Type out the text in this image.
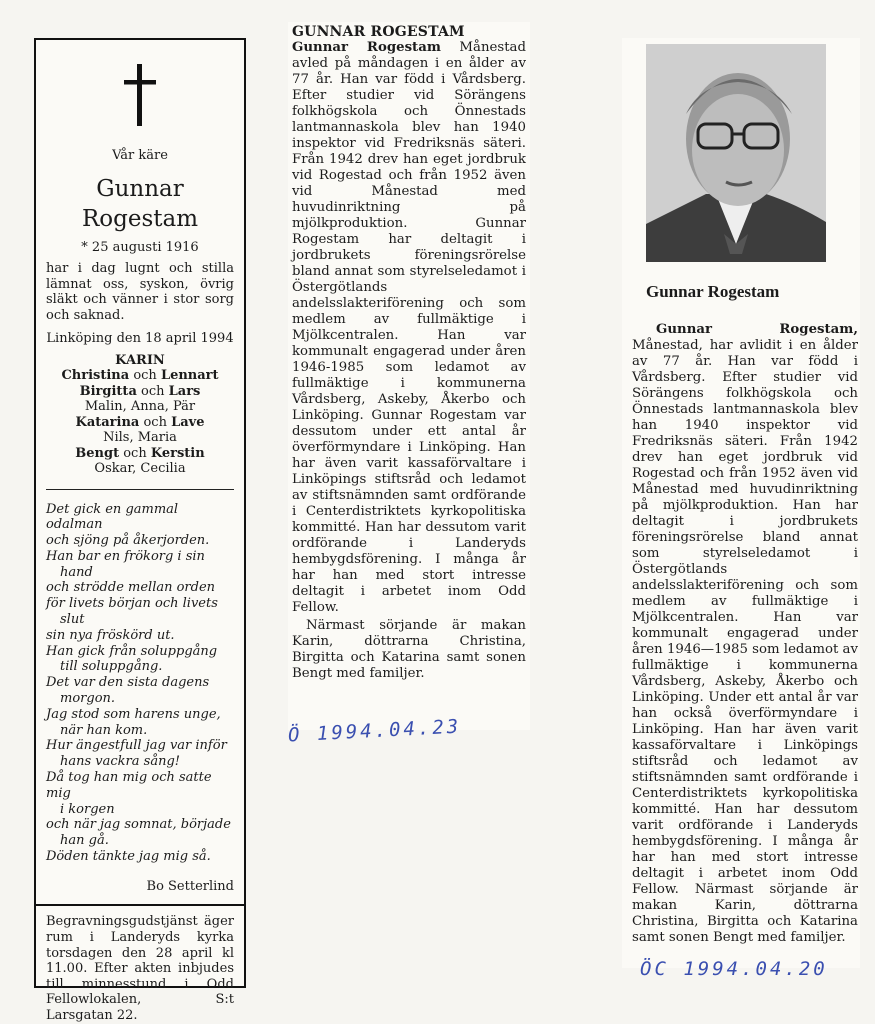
Vår käre
Gunnar
Rogestam
* 25 augusti 1916
har i dag lugnt och stilla lämnat oss, syskon, övrig släkt och vänner i stor sorg och saknad.
Linköping den 18 april 1994
KARIN
Christina och Lennart
Birgitta och Lars
Malin, Anna, Pär
Katarina och Lave
Nils, Maria
Bengt och Kerstin
Oskar, Cecilia
Det gick en gammal odalman
och sjöng på åkerjorden.
Han bar en frökorg i sin
hand
och strödde mellan orden
för livets början och livets
slut
sin nya fröskörd ut.
Han gick från soluppgång
till soluppgång.
Det var den sista dagens
morgon.
Jag stod som harens unge,
när han kom.
Hur ängestfull jag var inför
hans vackra sång!
Då tog han mig och satte mig
i korgen
och när jag somnat, började
han gå.
Döden tänkte jag mig så.
Bo Setterlind
Begravningsgudstjänst äger rum i Landeryds kyrka torsdagen den 28 april kl 11.00. Efter akten inbjudes till minnesstund i Odd Fellowlokalen, S:t Larsgatan 22.
GUNNAR ROGESTAM

Gunnar Rogestam Månestad avled på måndagen i en ålder av 77 år. Han var född i Vårdsberg. Efter studier vid Sörängens folkhögskola och Önnestads lantmannaskola blev han 1940 inspektor vid Fredriksnäs säteri. Från 1942 drev han eget jordbruk vid Rogestad och från 1952 även vid Månestad med huvudinriktning på mjölkproduktion. Gunnar Rogestam har deltagit i jordbrukets föreningsrörelse bland annat som styrelseledamot i Östergötlands andelsslakteriförening och som medlem av fullmäktige i Mjölkcentralen. Han var kommunalt engagerad under åren 1946-1985 som ledamot av fullmäktige i kommunerna Vårdsberg, Askeby, Åkerbo och Linköping. Gunnar Rogestam var dessutom under ett antal år överförmyndare i Linköping. Han har även varit kassaförvaltare i Linköpings stiftsråd och ledamot av stiftsnämnden samt ordförande i Centerdistriktets kyrkopolitiska kommitté. Han har dessutom varit ordförande i Landeryds hembygdsförening. I många år har han med stort intresse deltagit i arbetet inom Odd Fellow.

Närmast sörjande är makan Karin, döttrarna Christina, Birgitta och Katarina samt sonen Bengt med familjer.

Ö 1994.04.23
Gunnar Rogestam

Gunnar Rogestam, Månestad, har avlidit i en ålder av 77 år. Han var född i Vårdsberg. Efter studier vid Sörängens folkhögskola och Önnestads lantmannaskola blev han 1940 inspektor vid Fredriksnäs säteri. Från 1942 drev han eget jordbruk vid Rogestad och från 1952 även vid Månestad med huvudinriktning på mjölkproduktion. Han har deltagit i jordbrukets föreningsrörelse bland annat som styrelseledamot i Östergötlands andelsslakteriförening och som medlem av fullmäktige i Mjölkcentralen. Han var kommunalt engagerad under åren 1946—1985 som ledamot av fullmäktige i kommunerna Vårdsberg, Askeby, Åkerbo och Linköping. Under ett antal år var han också överförmyndare i Linköping. Han har även varit kassaförvaltare i Linköpings stiftsråd och ledamot av stiftsnämnden samt ordförande i Centerdistriktets kyrkopolitiska kommitté. Han har dessutom varit ordförande i Landeryds hembygdsförening. I många år har han med stort intresse deltagit i arbetet inom Odd Fellow. Närmast sörjande är makan Karin, döttrarna Christina, Birgitta och Katarina samt sonen Bengt med familjer.

ÖC 1994.04.20
